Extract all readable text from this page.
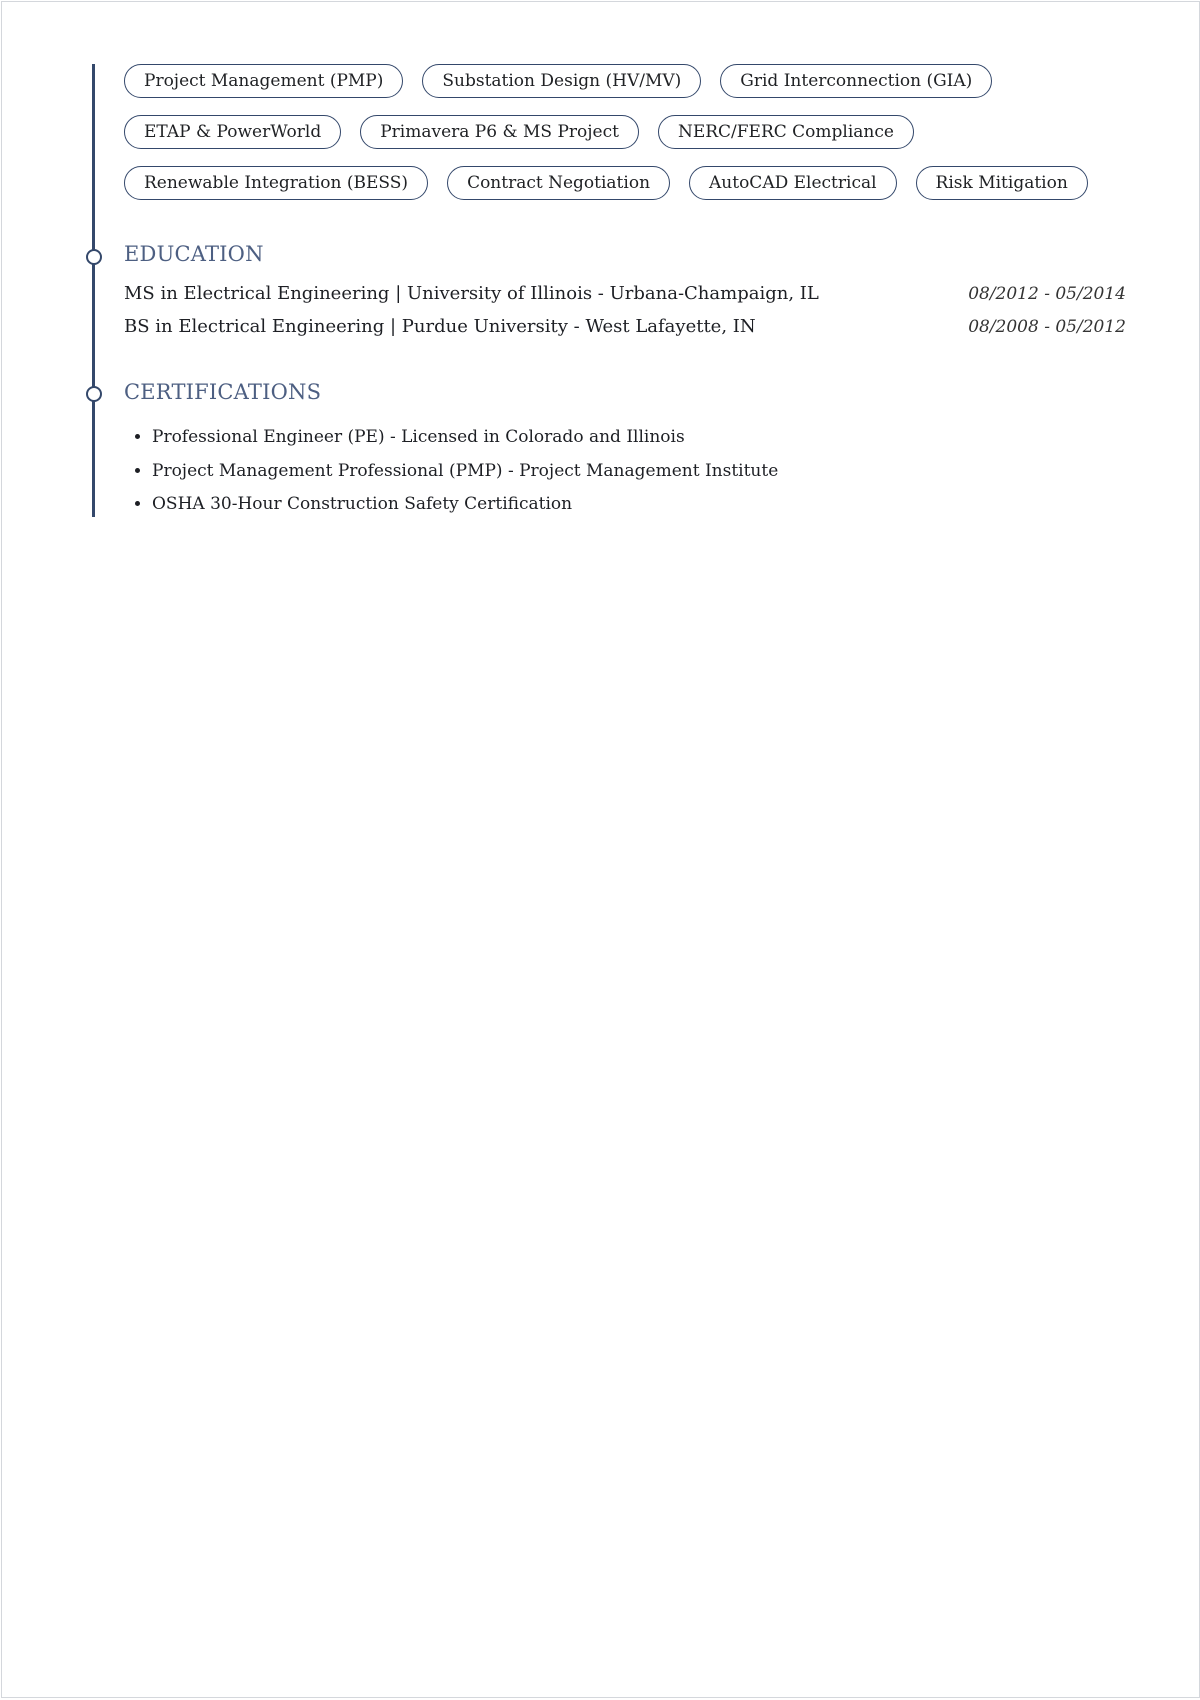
Project Management (PMP)	Substation Design (HV/MV)	Grid Interconnection (GIA)
ETAP & PowerWorld	Primavera P6 & MS Project	NERC/FERC Compliance
Renewable Integration (BESS)	Contract Negotiation	AutoCAD Electrical	Risk Mitigation
EDUCATION
MS in Electrical Engineering | University of Illinois - Urbana-Champaign, IL	08/2012 - 05/2014
BS in Electrical Engineering | Purdue University - West Lafayette, IN	08/2008 - 05/2012
CERTIFICATIONS
• Professional Engineer (PE) - Licensed in Colorado and Illinois
• Project Management Professional (PMP) - Project Management Institute
• OSHA 30-Hour Construction Safety Certification
